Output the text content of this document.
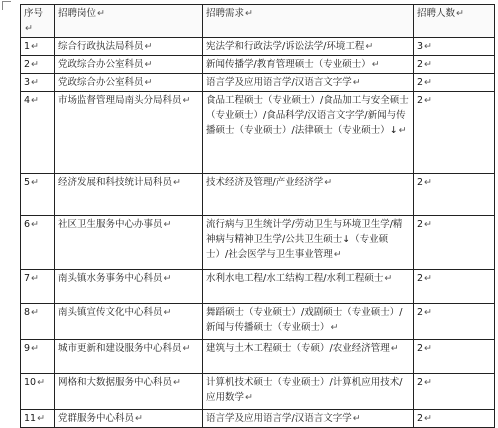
序号↵	招聘岗位↵	招聘需求↵	招聘人数↵
1↵	综合行政执法局科员↵	宪法学和行政法学/诉讼法学/环境工程↵	3↵
2↵	党政综合办公室科员↵	新闻传播学/教育管理硕士（专业硕士）↵	2↵
3↵	党政综合办公室科员↵	语言学及应用语言学/汉语言文字学↵	2↵
4↵	市场监督管理局南头分局科员↵	食品工程硕士（专业硕士）/食品加工与安全硕士（专业硕士）/食品科学/汉语言文字学/新闻与传播硕士（专业硕士）/法律硕士（专业硕士）↓↵	2↵
5↵	经济发展和科技统计局科员↵	技术经济及管理/产业经济学↵	2↵
6↵	社区卫生服务中心办事员↵	流行病与卫生统计学/劳动卫生与环境卫生学/精神病与精神卫生学/公共卫生硕士↓（专业硕士）/社会医学与卫生事业管理↵	2↵
7↵	南头镇水务事务中心科员↵	水利水电工程/水工结构工程/水利工程硕士↵	2↵
8↵	南头镇宣传文化中心科员↵	舞蹈硕士（专业硕士）/戏剧硕士（专业硕士）/新闻与传播硕士（专业硕士）↵	2↵
9↵	城市更新和建设服务中心科员↵	建筑与土木工程硕士（专硕）/农业经济管理↵	2↵
10↵	网格和大数据服务中心科员↵	计算机技术硕士（专业硕士）/计算机应用技术/应用数学↵	2↵
11↵	党群服务中心科员↵	语言学及应用语言学/汉语言文字学↵	2↵
